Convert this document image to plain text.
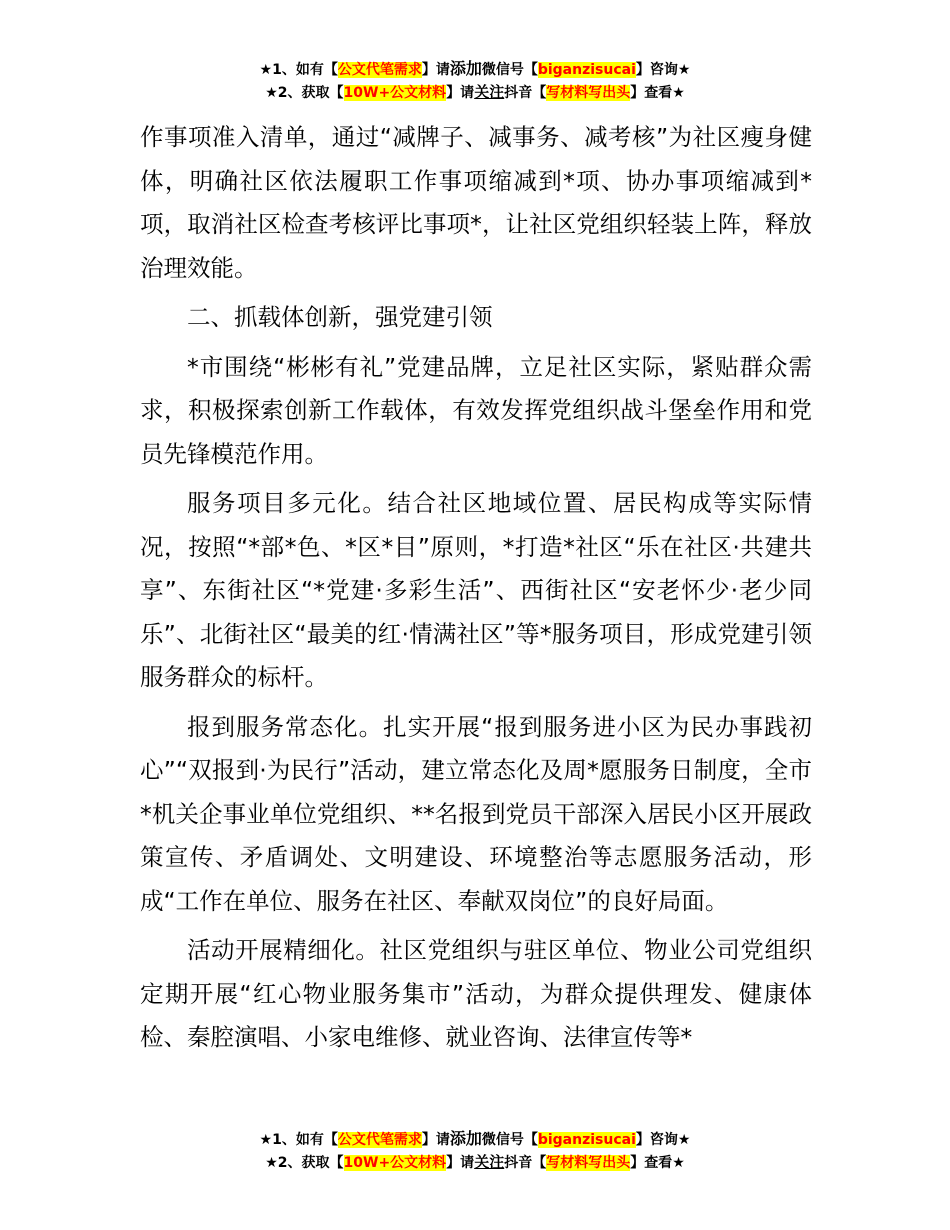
★1、如有【公文代笔需求】请添加微信号【biganzisucai】咨询★
★2、获取【10W+公文材料】请关注抖音【写材料写出头】查看★

作事项准入清单，通过“减牌子、减事务、减考核”为社区瘦身健体，明确社区依法履职工作事项缩减到*项、协办事项缩减到*项，取消社区检查考核评比事项*，让社区党组织轻装上阵，释放治理效能。

二、抓载体创新，强党建引领

*市围绕“彬彬有礼”党建品牌，立足社区实际，紧贴群众需求，积极探索创新工作载体，有效发挥党组织战斗堡垒作用和党员先锋模范作用。

服务项目多元化。结合社区地域位置、居民构成等实际情况，按照“*部*色、*区*目”原则，*打造*社区“乐在社区·共建共享”、东街社区“*党建·多彩生活”、西街社区“安老怀少·老少同乐”、北街社区“最美的红·情满社区”等*服务项目，形成党建引领服务群众的标杆。

报到服务常态化。扎实开展“报到服务进小区为民办事践初心”“双报到·为民行”活动，建立常态化及周*愿服务日制度，全市*机关企事业单位党组织、**名报到党员干部深入居民小区开展政策宣传、矛盾调处、文明建设、环境整治等志愿服务活动，形成“工作在单位、服务在社区、奉献双岗位”的良好局面。

活动开展精细化。社区党组织与驻区单位、物业公司党组织定期开展“红心物业服务集市”活动，为群众提供理发、健康体检、秦腔演唱、小家电维修、就业咨询、法律宣传等*

★1、如有【公文代笔需求】请添加微信号【biganzisucai】咨询★
★2、获取【10W+公文材料】请关注抖音【写材料写出头】查看★
